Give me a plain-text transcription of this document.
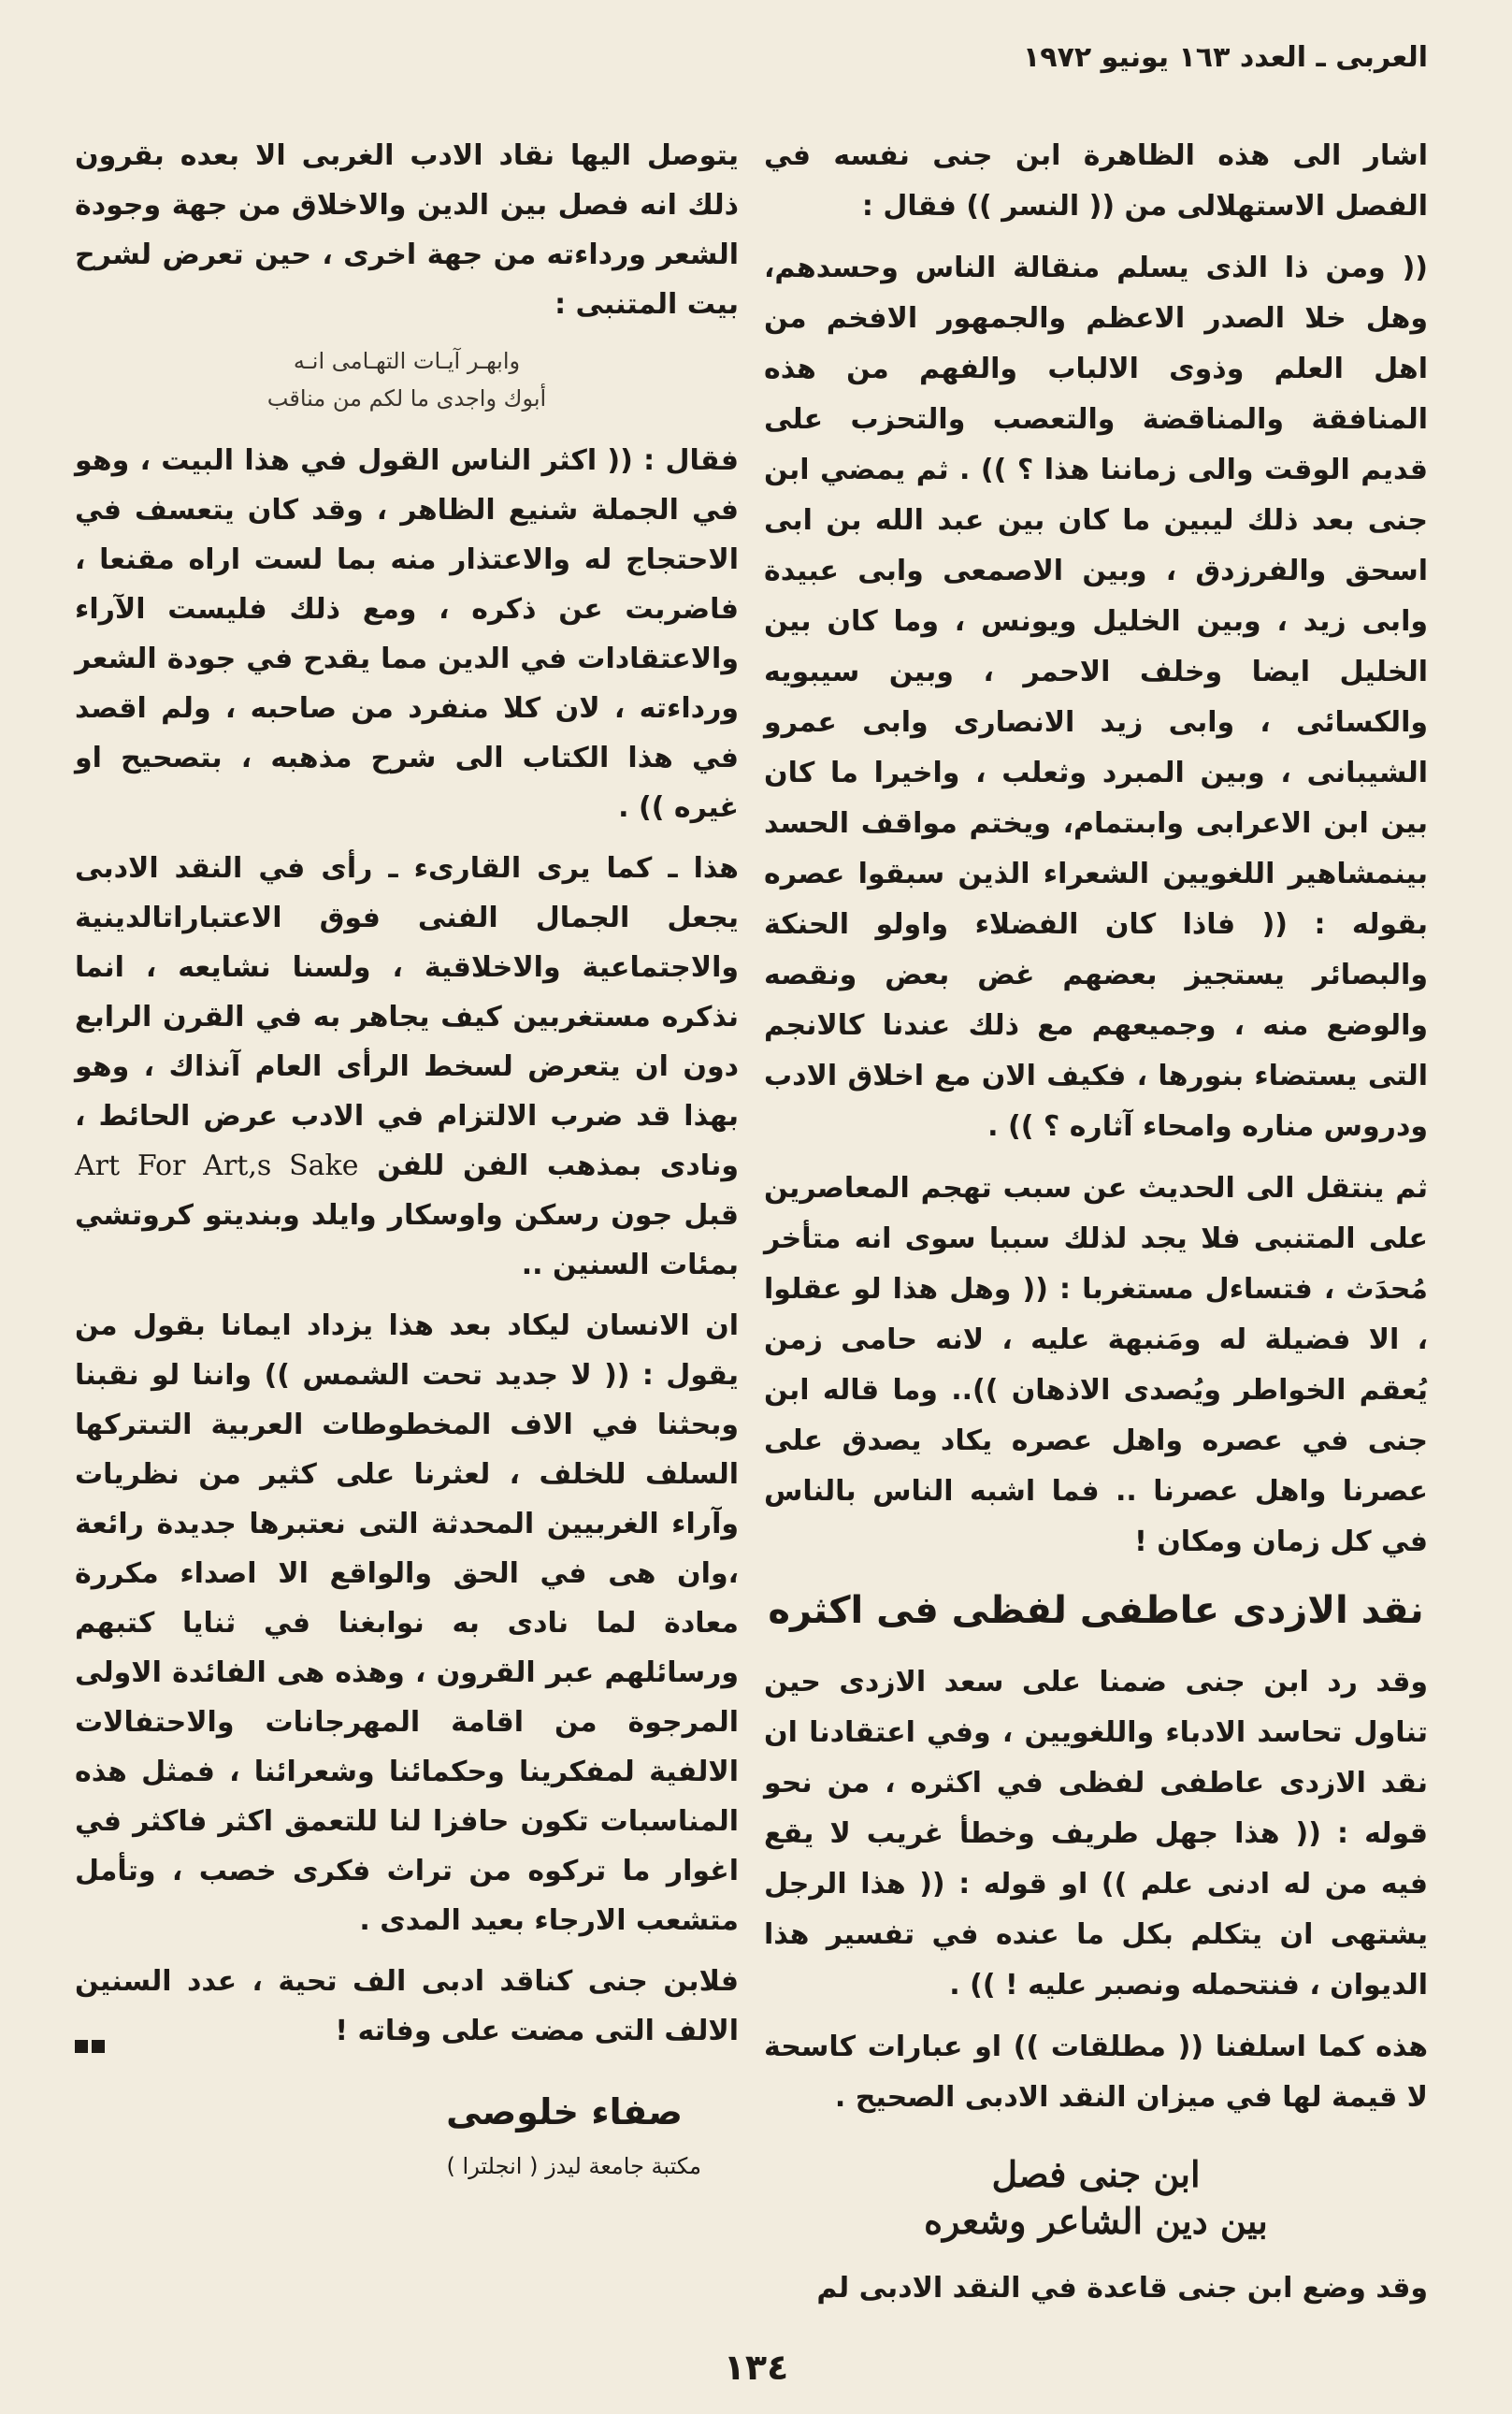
العربى ـ العدد ١٦٣ يونيو ١٩٧٢

اشار الى هذه الظاهرة ابن جنى نفسه في الفصل الاستهلالى من (( النسر )) فقال :

(( ومن ذا الذى يسلم منقالة الناس وحسدهم، وهل خلا الصدر الاعظم والجمهور الافخم من اهل العلم وذوى الالباب والفهم من هذه المنافقة والمناقضة والتعصب والتحزب على قديم الوقت والى زماننا هذا ؟ )) . ثم يمضي ابن جنى بعد ذلك ليبين ما كان بين عبد الله بن ابى اسحق والفرزدق ، وبين الاصمعى وابى عبيدة وابى زيد ، وبين الخليل ويونس ، وما كان بين الخليل ايضا وخلف الاحمر ، وبين سيبويه والكسائى ، وابى زيد الانصارى وابى عمرو الشيبانى ، وبين المبرد وثعلب ، واخيرا ما كان بين ابن الاعرابى وابىتمام، ويختم مواقف الحسد بينمشاهير اللغويين الشعراء الذين سبقوا عصره بقوله : (( فاذا كان الفضلاء واولو الحنكة والبصائر يستجيز بعضهم غض بعض ونقصه والوضع منه ، وجميعهم مع ذلك عندنا كالانجم التى يستضاء بنورها ، فكيف الان مع اخلاق الادب ودروس مناره وامحاء آثاره ؟ )) .

ثم ينتقل الى الحديث عن سبب تهجم المعاصرين على المتنبى فلا يجد لذلك سببا سوى انه متأخر مُحدَث ، فتساءل مستغربا : (( وهل هذا لو عقلوا ، الا فضيلة له ومَنبهة عليه ، لانه حامى زمن يُعقم الخواطر ويُصدى الاذهان )).. وما قاله ابن جنى في عصره واهل عصره يكاد يصدق على عصرنا واهل عصرنا .. فما اشبه الناس بالناس في كل زمان ومكان !

نقد الازدى عاطفى لفظى فى اكثره

وقد رد ابن جنى ضمنا على سعد الازدى حين تناول تحاسد الادباء واللغويين ، وفي اعتقادنا ان نقد الازدى عاطفى لفظى في اكثره ، من نحو قوله : (( هذا جهل طريف وخطأ غريب لا يقع فيه من له ادنى علم )) او قوله : (( هذا الرجل يشتهى ان يتكلم بكل ما عنده في تفسير هذا الديوان ، فنتحمله ونصبر عليه ! )) .

هذه كما اسلفنا (( مطلقات )) او عبارات كاسحة لا قيمة لها في ميزان النقد الادبى الصحيح .

ابن جنى فصل
بين دين الشاعر وشعره

وقد وضع ابن جنى قاعدة في النقد الادبى لم

يتوصل اليها نقاد الادب الغربى الا بعده بقرون ذلك انه فصل بين الدين والاخلاق من جهة وجودة الشعر ورداءته من جهة اخرى ، حين تعرض لشرح بيت المتنبى :

وابهـر آيـات التهـامى انـه
أبوك واجدى ما لكم من مناقب

فقال : (( اكثر الناس القول في هذا البيت ، وهو في الجملة شنيع الظاهر ، وقد كان يتعسف في الاحتجاج له والاعتذار منه بما لست اراه مقنعا ، فاضربت عن ذكره ، ومع ذلك فليست الآراء والاعتقادات في الدين مما يقدح في جودة الشعر ورداءته ، لان كلا منفرد من صاحبه ، ولم اقصد في هذا الكتاب الى شرح مذهبه ، بتصحيح او غيره )) .

هذا ـ كما يرى القارىء ـ رأى في النقد الادبى يجعل الجمال الفنى فوق الاعتباراتالدينية والاجتماعية والاخلاقية ، ولسنا نشايعه ، انما نذكره مستغربين كيف يجاهر به في القرن الرابع دون ان يتعرض لسخط الرأى العام آنذاك ، وهو بهذا قد ضرب الالتزام في الادب عرض الحائط ، ونادى بمذهب الفن للفن Art For Art,s Sake قبل جون رسكن واوسكار وايلد وبنديتو كروتشي بمئات السنين ..

ان الانسان ليكاد بعد هذا يزداد ايمانا بقول من يقول : (( لا جديد تحت الشمس )) واننا لو نقبنا وبحثنا في الاف المخطوطات العربية التىتركها السلف للخلف ، لعثرنا على كثير من نظريات وآراء الغربيين المحدثة التى نعتبرها جديدة رائعة ،وان هى في الحق والواقع الا اصداء مكررة معادة لما نادى به نوابغنا في ثنايا كتبهم ورسائلهم عبر القرون ، وهذه هى الفائدة الاولى المرجوة من اقامة المهرجانات والاحتفالات الالفية لمفكرينا وحكمائنا وشعرائنا ، فمثل هذه المناسبات تكون حافزا لنا للتعمق اكثر فاكثر في اغوار ما تركوه من تراث فكرى خصب ، وتأمل متشعب الارجاء بعيد المدى .

فلابن جنى كناقد ادبى الف تحية ، عدد السنين الالف التى مضت على وفاته !

صفاء خلوصى
مكتبة جامعة ليدز ( انجلترا )
١٣٤
